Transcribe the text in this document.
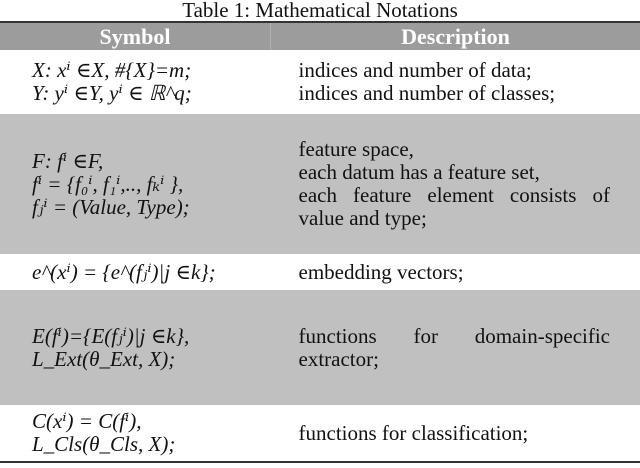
Table 1: Mathematical Notations
Symbol	Description

X: xⁱ ∈X, #{X}=m;
Y: yⁱ ∈Y, yⁱ ∈ ℝ^q;	indices and number of data;
indices and number of classes;

F: fⁱ ∈F,
fⁱ = {f₀ⁱ, f₁ⁱ,.., fₖⁱ },
fⱼⁱ = (Value, Type);	feature space,
each datum has a feature set,
each feature element consists of value and type;

e^(xⁱ) = {e^(fⱼⁱ)|j ∈k};	embedding vectors;

E(fⁱ)={E(fⱼⁱ)|j ∈k},
L_Ext(θ_Ext, X);	functions for domain-specific extractor;

C(xⁱ) = C(fⁱ),
L_Cls(θ_Cls, X);	functions for classification;
